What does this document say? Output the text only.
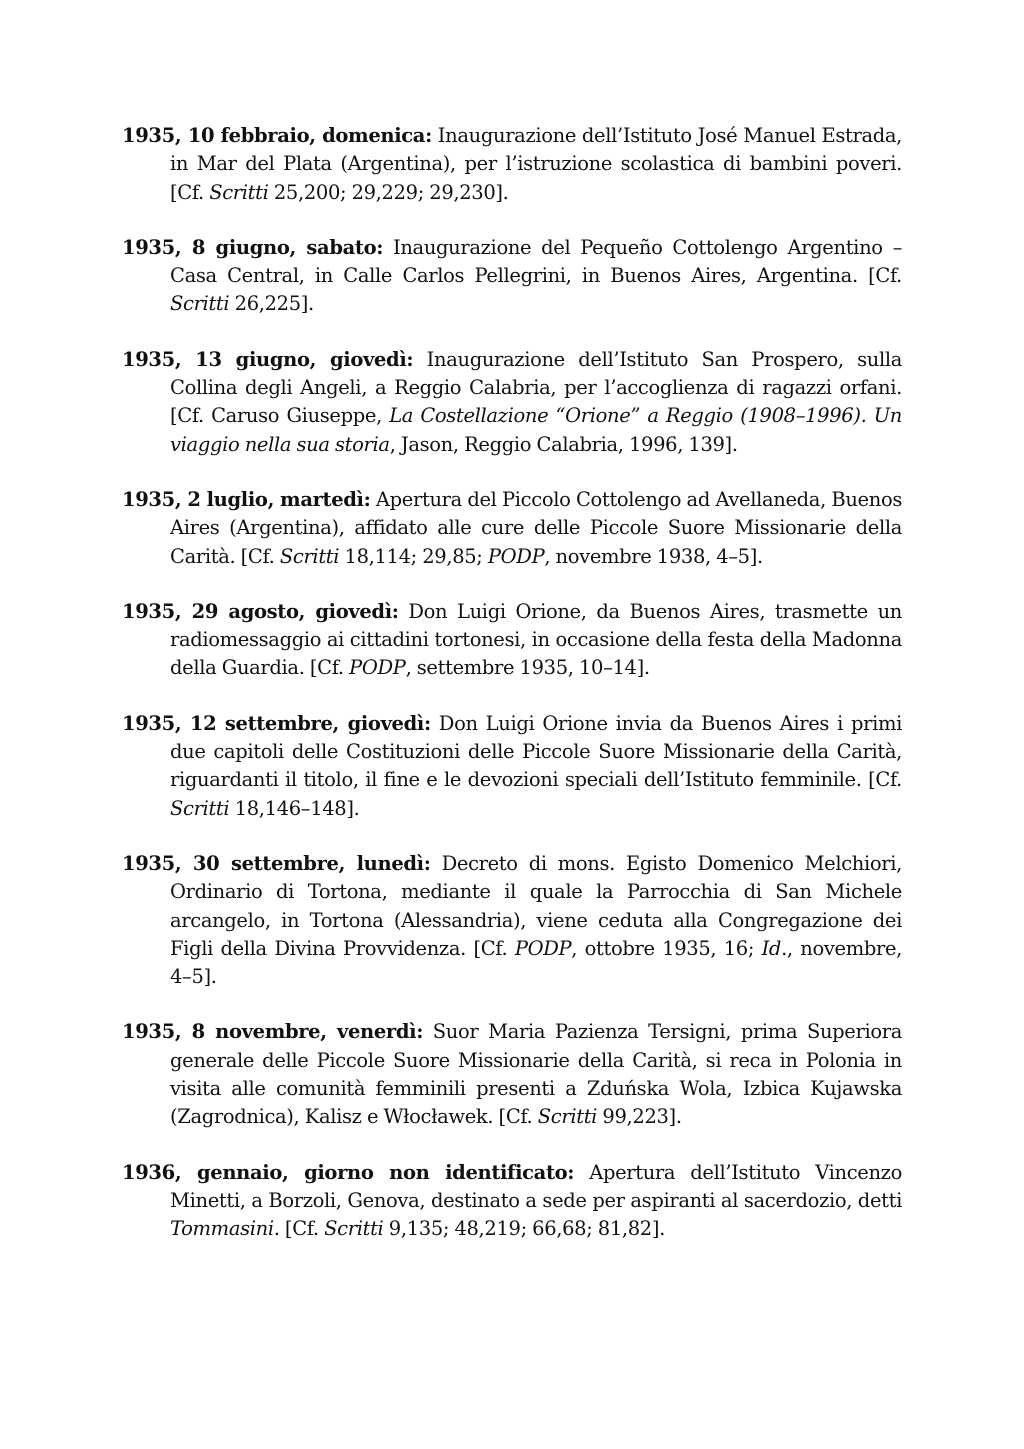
1935, 10 febbraio, domenica: Inaugurazione dell’Istituto José Manuel Estrada, in Mar del Plata (Argentina), per l’istruzione scolastica di bambini poveri. [Cf. Scritti 25,200; 29,229; 29,230].

1935, 8 giugno, sabato: Inaugurazione del Pequeño Cottolengo Argentino – Casa Central, in Calle Carlos Pellegrini, in Buenos Aires, Argentina. [Cf. Scritti 26,225].

1935, 13 giugno, giovedì: Inaugurazione dell’Istituto San Prospero, sulla Collina degli Angeli, a Reggio Calabria, per l’accoglienza di ragazzi orfani. [Cf. Caruso Giuseppe, La Costellazione “Orione” a Reggio (1908–1996). Un viaggio nella sua storia, Jason, Reggio Calabria, 1996, 139].

1935, 2 luglio, martedì: Apertura del Piccolo Cottolengo ad Avellaneda, Buenos Aires (Argentina), affidato alle cure delle Piccole Suore Missionarie della Carità. [Cf. Scritti 18,114; 29,85; PODP, novembre 1938, 4–5].

1935, 29 agosto, giovedì: Don Luigi Orione, da Buenos Aires, trasmette un radiomessaggio ai cittadini tortonesi, in occasione della festa della Madonna della Guardia. [Cf. PODP, settembre 1935, 10–14].

1935, 12 settembre, giovedì: Don Luigi Orione invia da Buenos Aires i primi due capitoli delle Costituzioni delle Piccole Suore Missionarie della Carità, riguardanti il titolo, il fine e le devozioni speciali dell’Istituto femminile. [Cf. Scritti 18,146–148].

1935, 30 settembre, lunedì: Decreto di mons. Egisto Domenico Melchiori, Ordinario di Tortona, mediante il quale la Parrocchia di San Michele arcangelo, in Tortona (Alessandria), viene ceduta alla Congregazione dei Figli della Divina Provvidenza. [Cf. PODP, ottobre 1935, 16; Id., novembre, 4–5].

1935, 8 novembre, venerdì: Suor Maria Pazienza Tersigni, prima Superiora generale delle Piccole Suore Missionarie della Carità, si reca in Polonia in visita alle comunità femminili presenti a Zduńska Wola, Izbica Kujawska (Zagrodnica), Kalisz e Włocławek. [Cf. Scritti 99,223].

1936, gennaio, giorno non identificato: Apertura dell’Istituto Vincenzo Minetti, a Borzoli, Genova, destinato a sede per aspiranti al sacerdozio, detti Tommasini. [Cf. Scritti 9,135; 48,219; 66,68; 81,82].
